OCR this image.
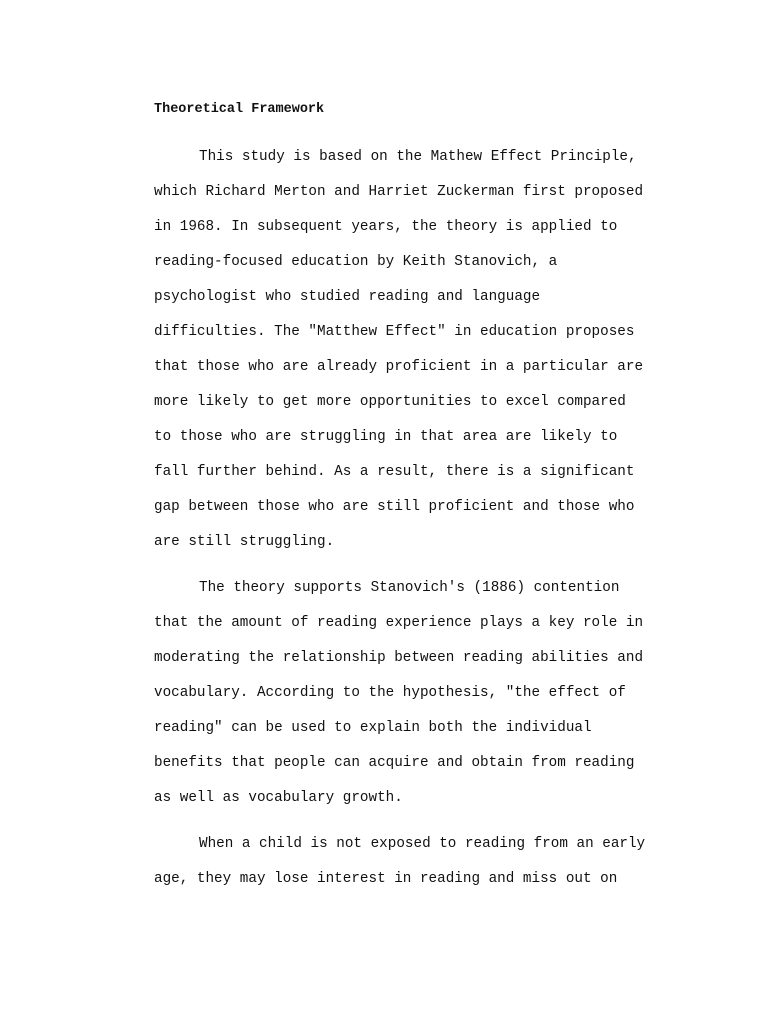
Theoretical Framework
This study is based on the Mathew Effect Principle,
which Richard Merton and Harriet Zuckerman first proposed
in 1968. In subsequent years, the theory is applied to
reading-focused education by Keith Stanovich, a
psychologist who studied reading and language
difficulties. The "Matthew Effect" in education proposes
that those who are already proficient in a particular are
more likely to get more opportunities to excel compared
to those who are struggling in that area are likely to
fall further behind. As a result, there is a significant
gap between those who are still proficient and those who
are still struggling.
The theory supports Stanovich's (1886) contention
that the amount of reading experience plays a key role in
moderating the relationship between reading abilities and
vocabulary. According to the hypothesis, "the effect of
reading" can be used to explain both the individual
benefits that people can acquire and obtain from reading
as well as vocabulary growth.
When a child is not exposed to reading from an early
age, they may lose interest in reading and miss out on
